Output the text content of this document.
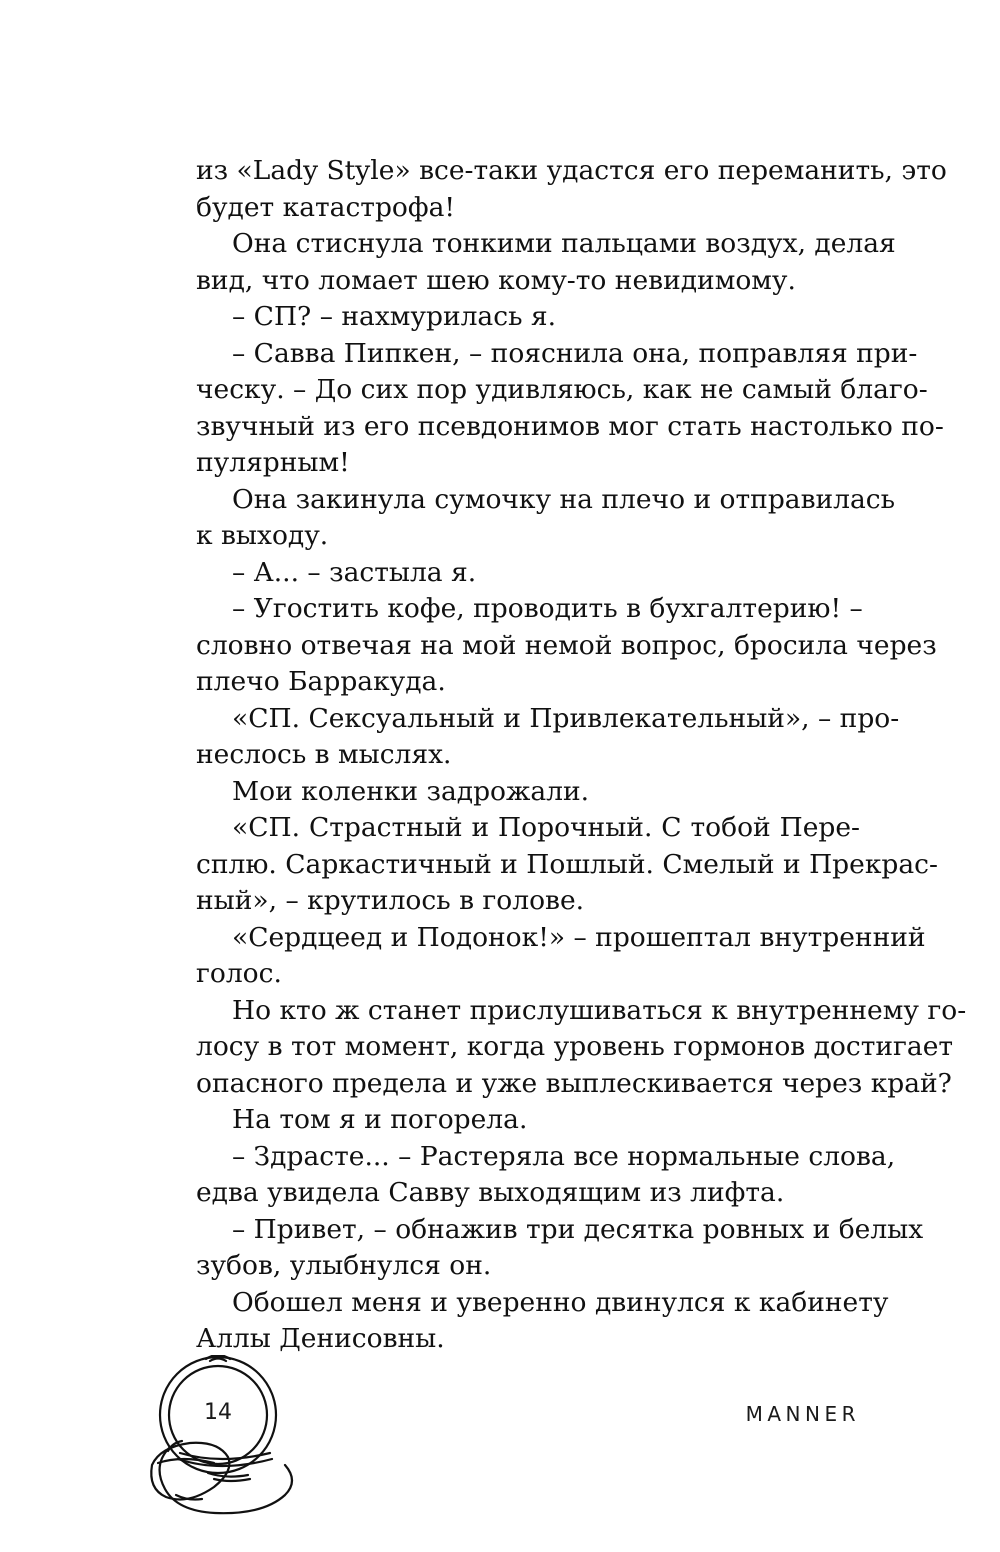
из «Lady Style» все-таки удастся его переманить, это
будет катастрофа!
Она стиснула тонкими пальцами воздух, делая
вид, что ломает шею кому-то невидимому.
– СП? – нахмурилась я.
– Савва Пипкен, – пояснила она, поправляя при-
ческу. – До сих пор удивляюсь, как не самый благо-
звучный из его псевдонимов мог стать настолько по-
пулярным!
Она закинула сумочку на плечо и отправилась
к выходу.
– А... – застыла я.
– Угостить кофе, проводить в бухгалтерию! –
словно отвечая на мой немой вопрос, бросила через
плечо Барракуда.
«СП. Сексуальный и Привлекательный», – про-
неслось в мыслях.
Мои коленки задрожали.
«СП. Страстный и Порочный. С тобой Пере-
сплю. Саркастичный и Пошлый. Смелый и Прекрас-
ный», – крутилось в голове.
«Сердцеед и Подонок!» – прошептал внутренний
голос.
Но кто ж станет прислушиваться к внутреннему го-
лосу в тот момент, когда уровень гормонов достигает
опасного предела и уже выплескивается через край?
На том я и погорела.
– Здрасте... – Растеряла все нормальные слова,
едва увидела Савву выходящим из лифта.
– Привет, – обнажив три десятка ровных и белых
зубов, улыбнулся он.
Обошел меня и уверенно двинулся к кабинету
Аллы Денисовны.
14	MANNER
